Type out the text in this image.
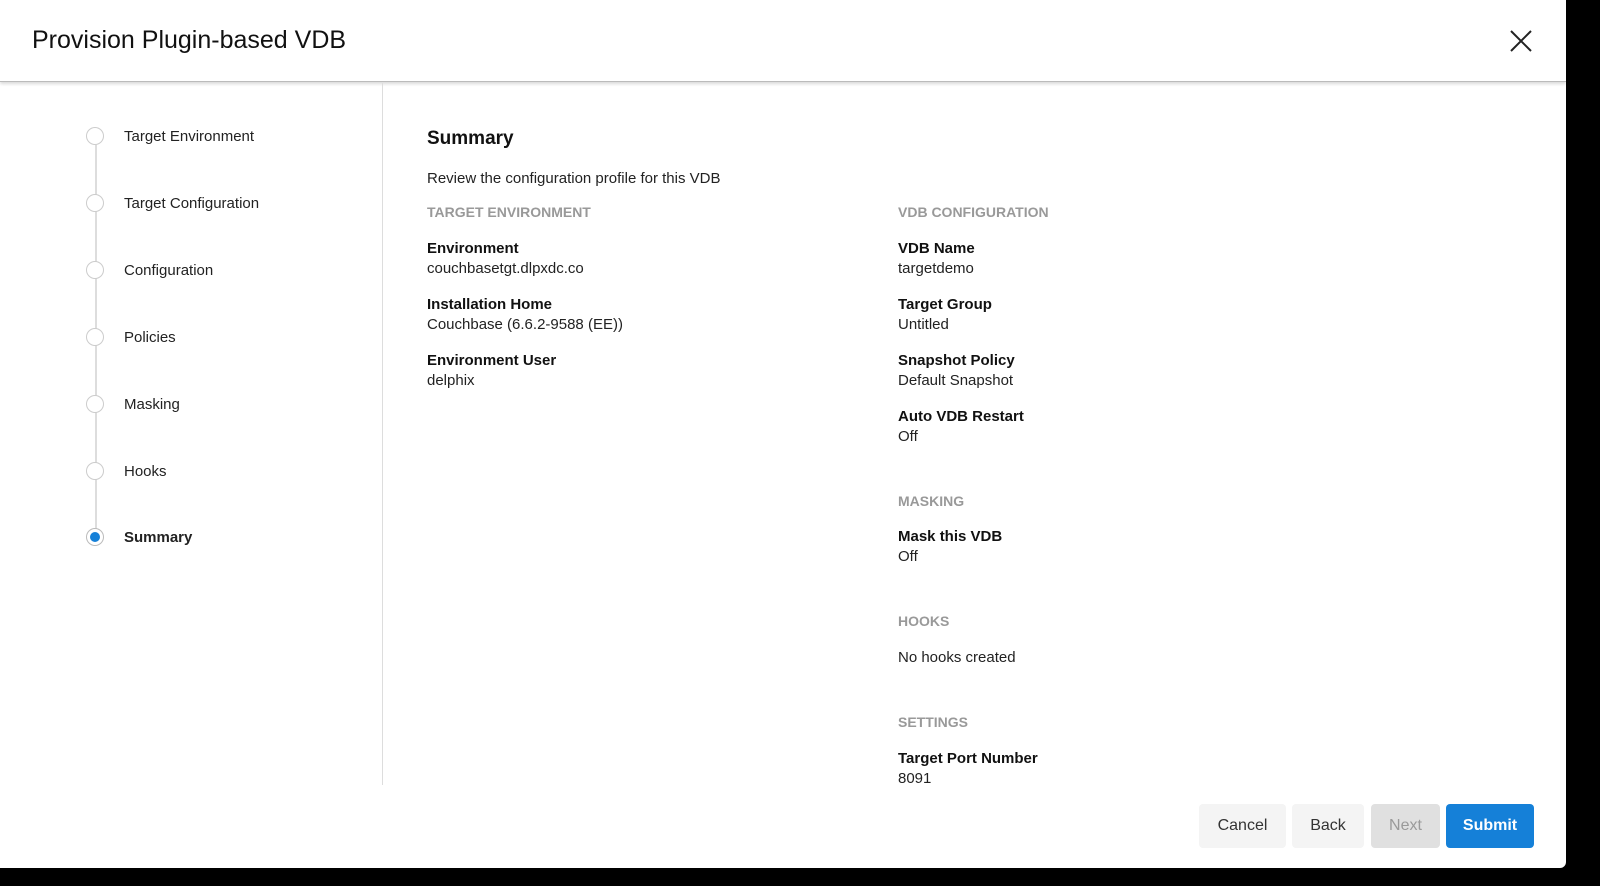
Provision Plugin-based VDB
Target Environment
Target Configuration
Configuration
Policies
Masking
Hooks
Summary
Summary
Review the configuration profile for this VDB
TARGET ENVIRONMENT
Environment
couchbasetgt.dlpxdc.co
Installation Home
Couchbase (6.6.2-9588 (EE))
Environment User
delphix
VDB CONFIGURATION
VDB Name
targetdemo
Target Group
Untitled
Snapshot Policy
Default Snapshot
Auto VDB Restart
Off
MASKING
Mask this VDB
Off
HOOKS
No hooks created
SETTINGS
Target Port Number
8091
Cancel	Back	Next	Submit
